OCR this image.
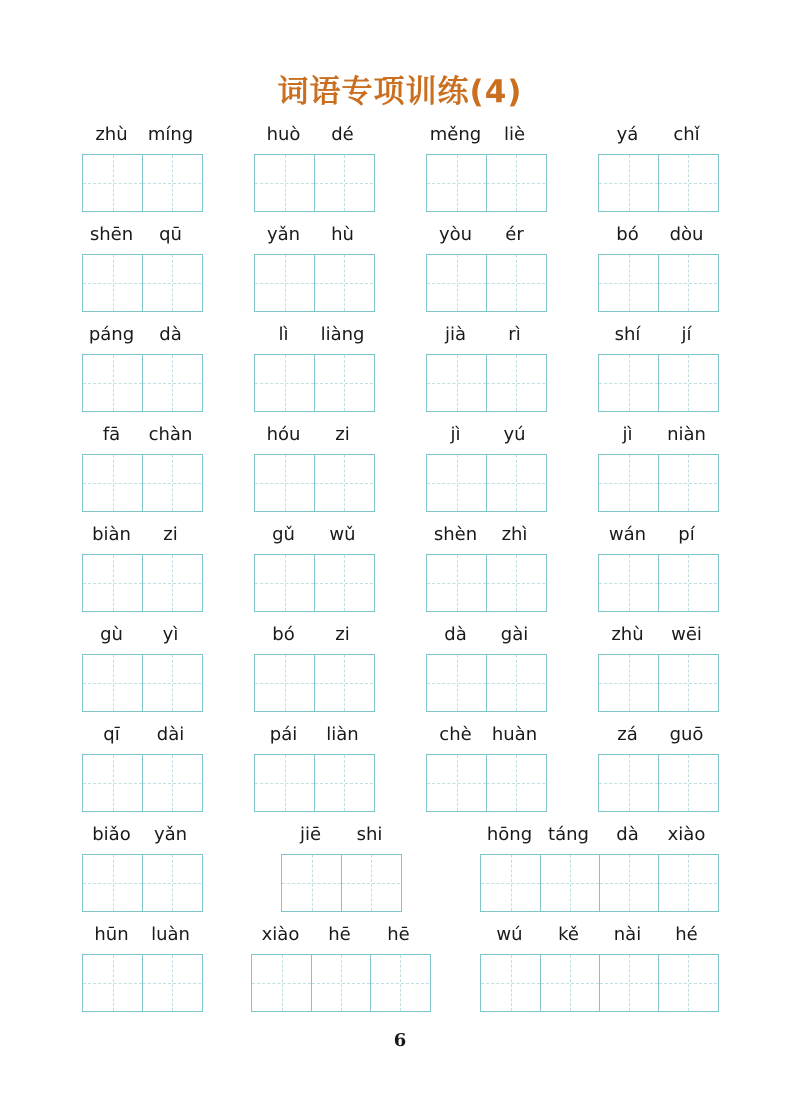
词语专项训练(4)
zhù	míng	huò	dé	měng	liè	yá	chǐ
shēn	qū	yǎn	hù	yòu	ér	bó	dòu
páng	dà	lì	liàng	jià	rì	shí	jí
fā	chàn	hóu	zi	jì	yú	jì	niàn
biàn	zi	gǔ	wǔ	shèn	zhì	wán	pí
gù	yì	bó	zi	dà	gài	zhù	wēi
qī	dài	pái	liàn	chè	huàn	zá	guō
biǎo	yǎn	jiē	shi	hōng táng	dà	xiào
hūn	luàn	xiào	hē	hē	wú	kě	nài	hé
6
